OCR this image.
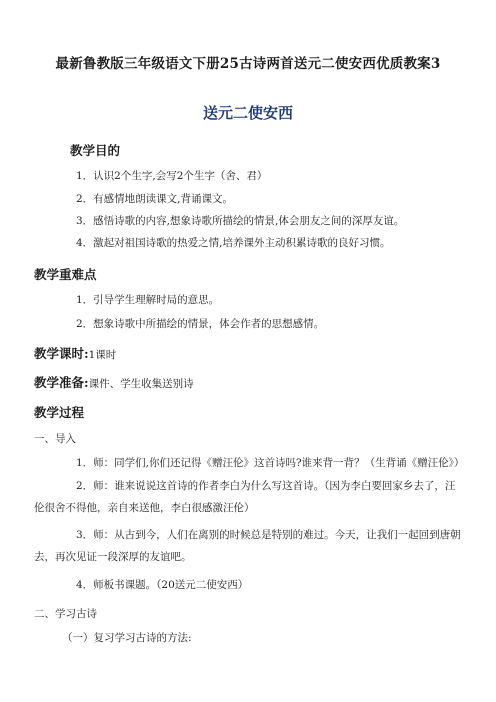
最新鲁教版三年级语文下册25古诗两首送元二使安西优质教案3
送元二使安西
教学目的
1．认识2个生字,会写2个生字（舍、君）
2．有感情地朗读课文,背诵课文。
3．感悟诗歌的内容,想象诗歌所描绘的情景,体会朋友之间的深厚友谊。
4．激起对祖国诗歌的热爱之情,培养课外主动积累诗歌的良好习惯。
教学重难点
1．引导学生理解时局的意思。
2．想象诗歌中所描绘的情景，体会作者的思想感情。
教学课时:1课时
教学准备:课件、学生收集送别诗
教学过程
一、导入
1．师：同学们,你们还记得《赠汪伦》这首诗吗?谁来背一背？（生背诵《赠汪伦》）
2．师：谁来说说这首诗的作者李白为什么写这首诗。（因为李白要回家乡去了，汪伦很舍不得他，亲自来送他，李白很感激汪伦）
3．师：从古到今，人们在离别的时候总是特别的难过。今天，让我们一起回到唐朝去，再次见证一段深厚的友谊吧。
4．师板书课题。（20送元二使安西）
二、学习古诗
（一）复习学习古诗的方法:
